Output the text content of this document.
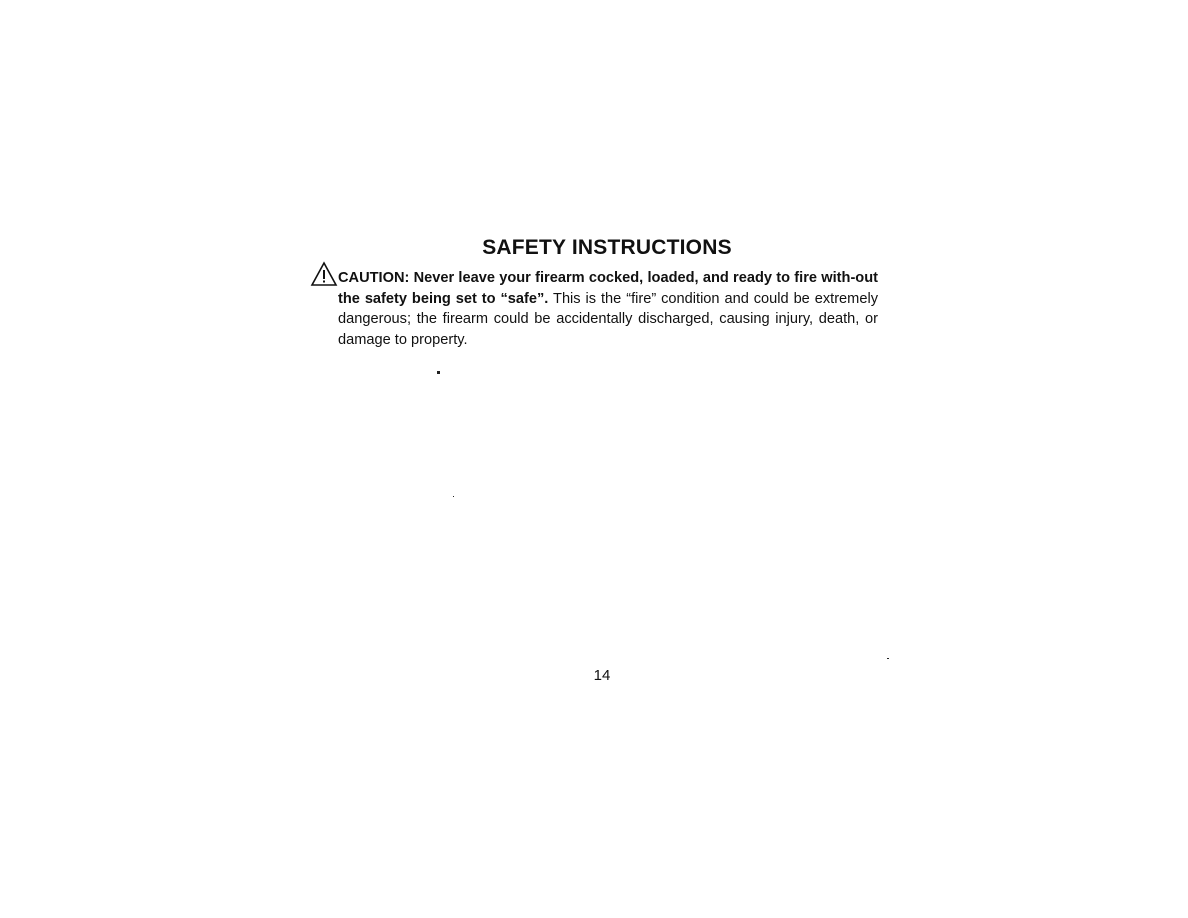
SAFETY INSTRUCTIONS

CAUTION: Never leave your firearm cocked, loaded, and ready to fire with-out the safety being set to “safe”. This is the “fire” condition and could be extremely dangerous; the firearm could be accidentally discharged, causing injury, death, or damage to property.

14
